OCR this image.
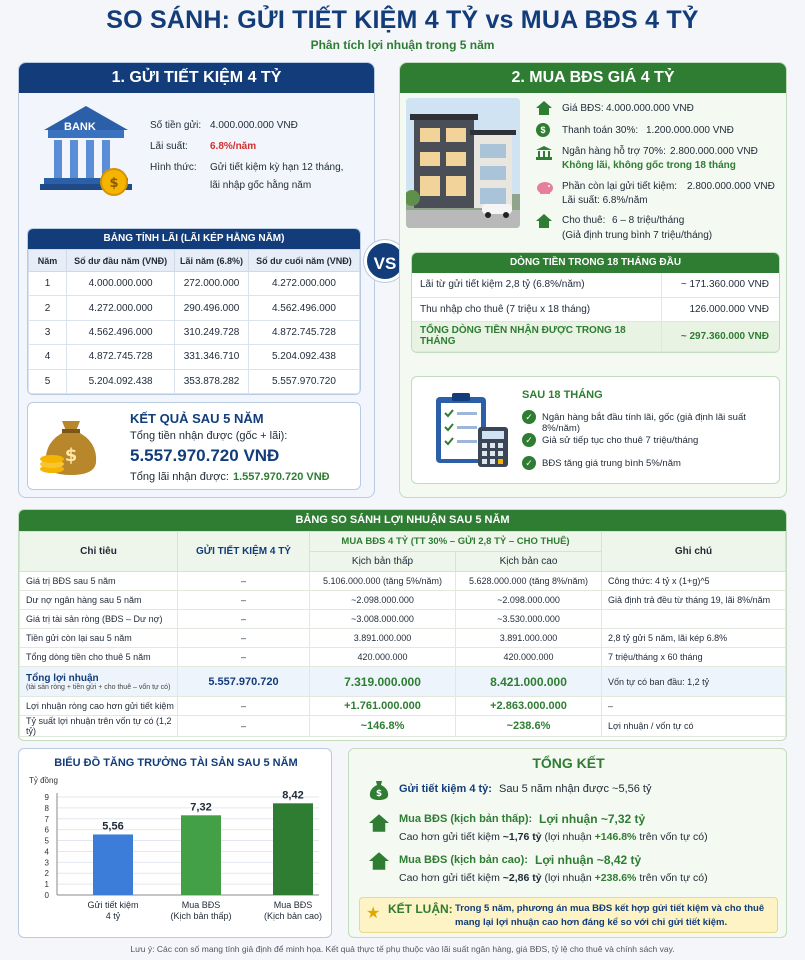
SO SÁNH: GỬI TIẾT KIỆM 4 TỶ vs MUA BĐS 4 TỶ
Phân tích lợi nhuận trong 5 năm
1. GỬI TIẾT KIỆM 4 TỶ
$
BANK	Số tiền gửi: 4.000.000.000 VNĐ
Lãi suất: 6.8%/năm
Hình thức: Gửi tiết kiệm kỳ hạn 12 tháng,
lãi nhập gốc hằng năm
BẢNG TÍNH LÃI (LÃI KÉP HẰNG NĂM)
Năm	Số dư đầu năm (VNĐ)	Lãi năm (6.8%)	Số dư cuối năm (VNĐ)
1	4.000.000.000	272.000.000	4.272.000.000
2	4.272.000.000	290.496.000	4.562.496.000
3	4.562.496.000	310.249.728	4.872.745.728
4	4.872.745.728	331.346.710	5.204.092.438
5	5.204.092.438	353.878.282	5.557.970.720
$
KẾT QUẢ SAU 5 NĂM
Tổng tiền nhận được (gốc + lãi):
5.557.970.720 VNĐ
Tổng lãi nhận được: 1.557.970.720 VNĐ
VS
2. MUA BĐS GIÁ 4 TỶ
Giá BĐS: 4.000.000.000 VNĐ
$	Thanh toán 30%: 1.200.000.000 VNĐ
Ngân hàng hỗ trợ 70%: 2.800.000.000 VNĐ
Không lãi, không gốc trong 18 tháng
Phần còn lại gửi tiết kiệm: 2.800.000.000 VNĐ
Lãi suất: 6.8%/năm
Cho thuê: 6 – 8 triệu/tháng
(Giả định trung bình 7 triệu/tháng)
DÒNG TIỀN TRONG 18 THÁNG ĐẦU
Lãi từ gửi tiết kiệm 2,8 tỷ (6.8%/năm)	~ 171.360.000 VNĐ
Thu nhập cho thuê (7 triệu x 18 tháng)	126.000.000 VNĐ
TỔNG DÒNG TIỀN NHẬN ĐƯỢC TRONG 18 THÁNG	~ 297.360.000 VNĐ
SAU 18 THÁNG
✓ Ngân hàng bắt đầu tính lãi, gốc (giả định lãi suất 8%/năm)
✓ Giả sử tiếp tục cho thuê 7 triệu/tháng
✓ BĐS tăng giá trung bình 5%/năm
BẢNG SO SÁNH LỢI NHUẬN SAU 5 NĂM
Chỉ tiêu	GỬI TIẾT KIỆM 4 TỶ	MUA BĐS 4 TỶ (TT 30% – GỬI 2,8 TỶ – CHO THUÊ)		Ghi chú
		Kịch bản thấp	Kịch bản cao	
Giá trị BĐS sau 5 năm	–	5.106.000.000 (tăng 5%/năm)	5.628.000.000 (tăng 8%/năm)	Công thức: 4 tỷ x (1+g)^5
Dư nợ ngân hàng sau 5 năm	–	~2.098.000.000	~2.098.000.000	Giả định trả đều từ tháng 19, lãi 8%/năm
Giá trị tài sản ròng (BĐS – Dư nợ)	–	~3.008.000.000	~3.530.000.000	
Tiền gửi còn lại sau 5 năm	–	3.891.000.000	3.891.000.000	2,8 tỷ gửi 5 năm, lãi kép 6.8%
Tổng dòng tiền cho thuê 5 năm	–	420.000.000	420.000.000	7 triệu/tháng x 60 tháng

Tổng lợi nhuận
(tài sản ròng + tiền gửi + cho thuê – vốn tự có)	5.557.970.720	7.319.000.000	8.421.000.000	Vốn tự có ban đầu: 1,2 tỷ
Lợi nhuận ròng cao hơn gửi tiết kiệm	–	+1.761.000.000	+2.863.000.000	–
Tỷ suất lợi nhuận trên vốn tự có (1,2 tỷ)	–	~146.8%	~238.6%	Lợi nhuận / vốn tự có
BIỂU ĐỒ TĂNG TRƯỞNG TÀI SẢN SAU 5 NĂM
Tỷ đồng
0
1
2
3
4
5
6
7
8
9
5,56
Gửi tiết kiệm
4 tỷ
7,32
Mua BĐS
(Kịch bản thấp)
8,42
Mua BĐS
(Kịch bản cao)
TỔNG KẾT
$ Gửi tiết kiệm 4 tỷ: Sau 5 năm nhận được ~5,56 tỷ
Mua BĐS (kịch bản thấp): Lợi nhuận ~7,32 tỷ
Cao hơn gửi tiết kiệm ~1,76 tỷ (lợi nhuận +146.8% trên vốn tự có)
Mua BĐS (kịch bản cao): Lợi nhuận ~8,42 tỷ
Cao hơn gửi tiết kiệm ~2,86 tỷ (lợi nhuận +238.6% trên vốn tự có)
★ KẾT LUẬN: Trong 5 năm, phương án mua BĐS kết hợp gửi tiết kiệm và cho thuê
mang lại lợi nhuận cao hơn đáng kể so với chỉ gửi tiết kiệm.
Lưu ý: Các con số mang tính giả định để minh họa. Kết quả thực tế phụ thuộc vào lãi suất ngân hàng, giá BĐS, tỷ lệ cho thuê và chính sách vay.
